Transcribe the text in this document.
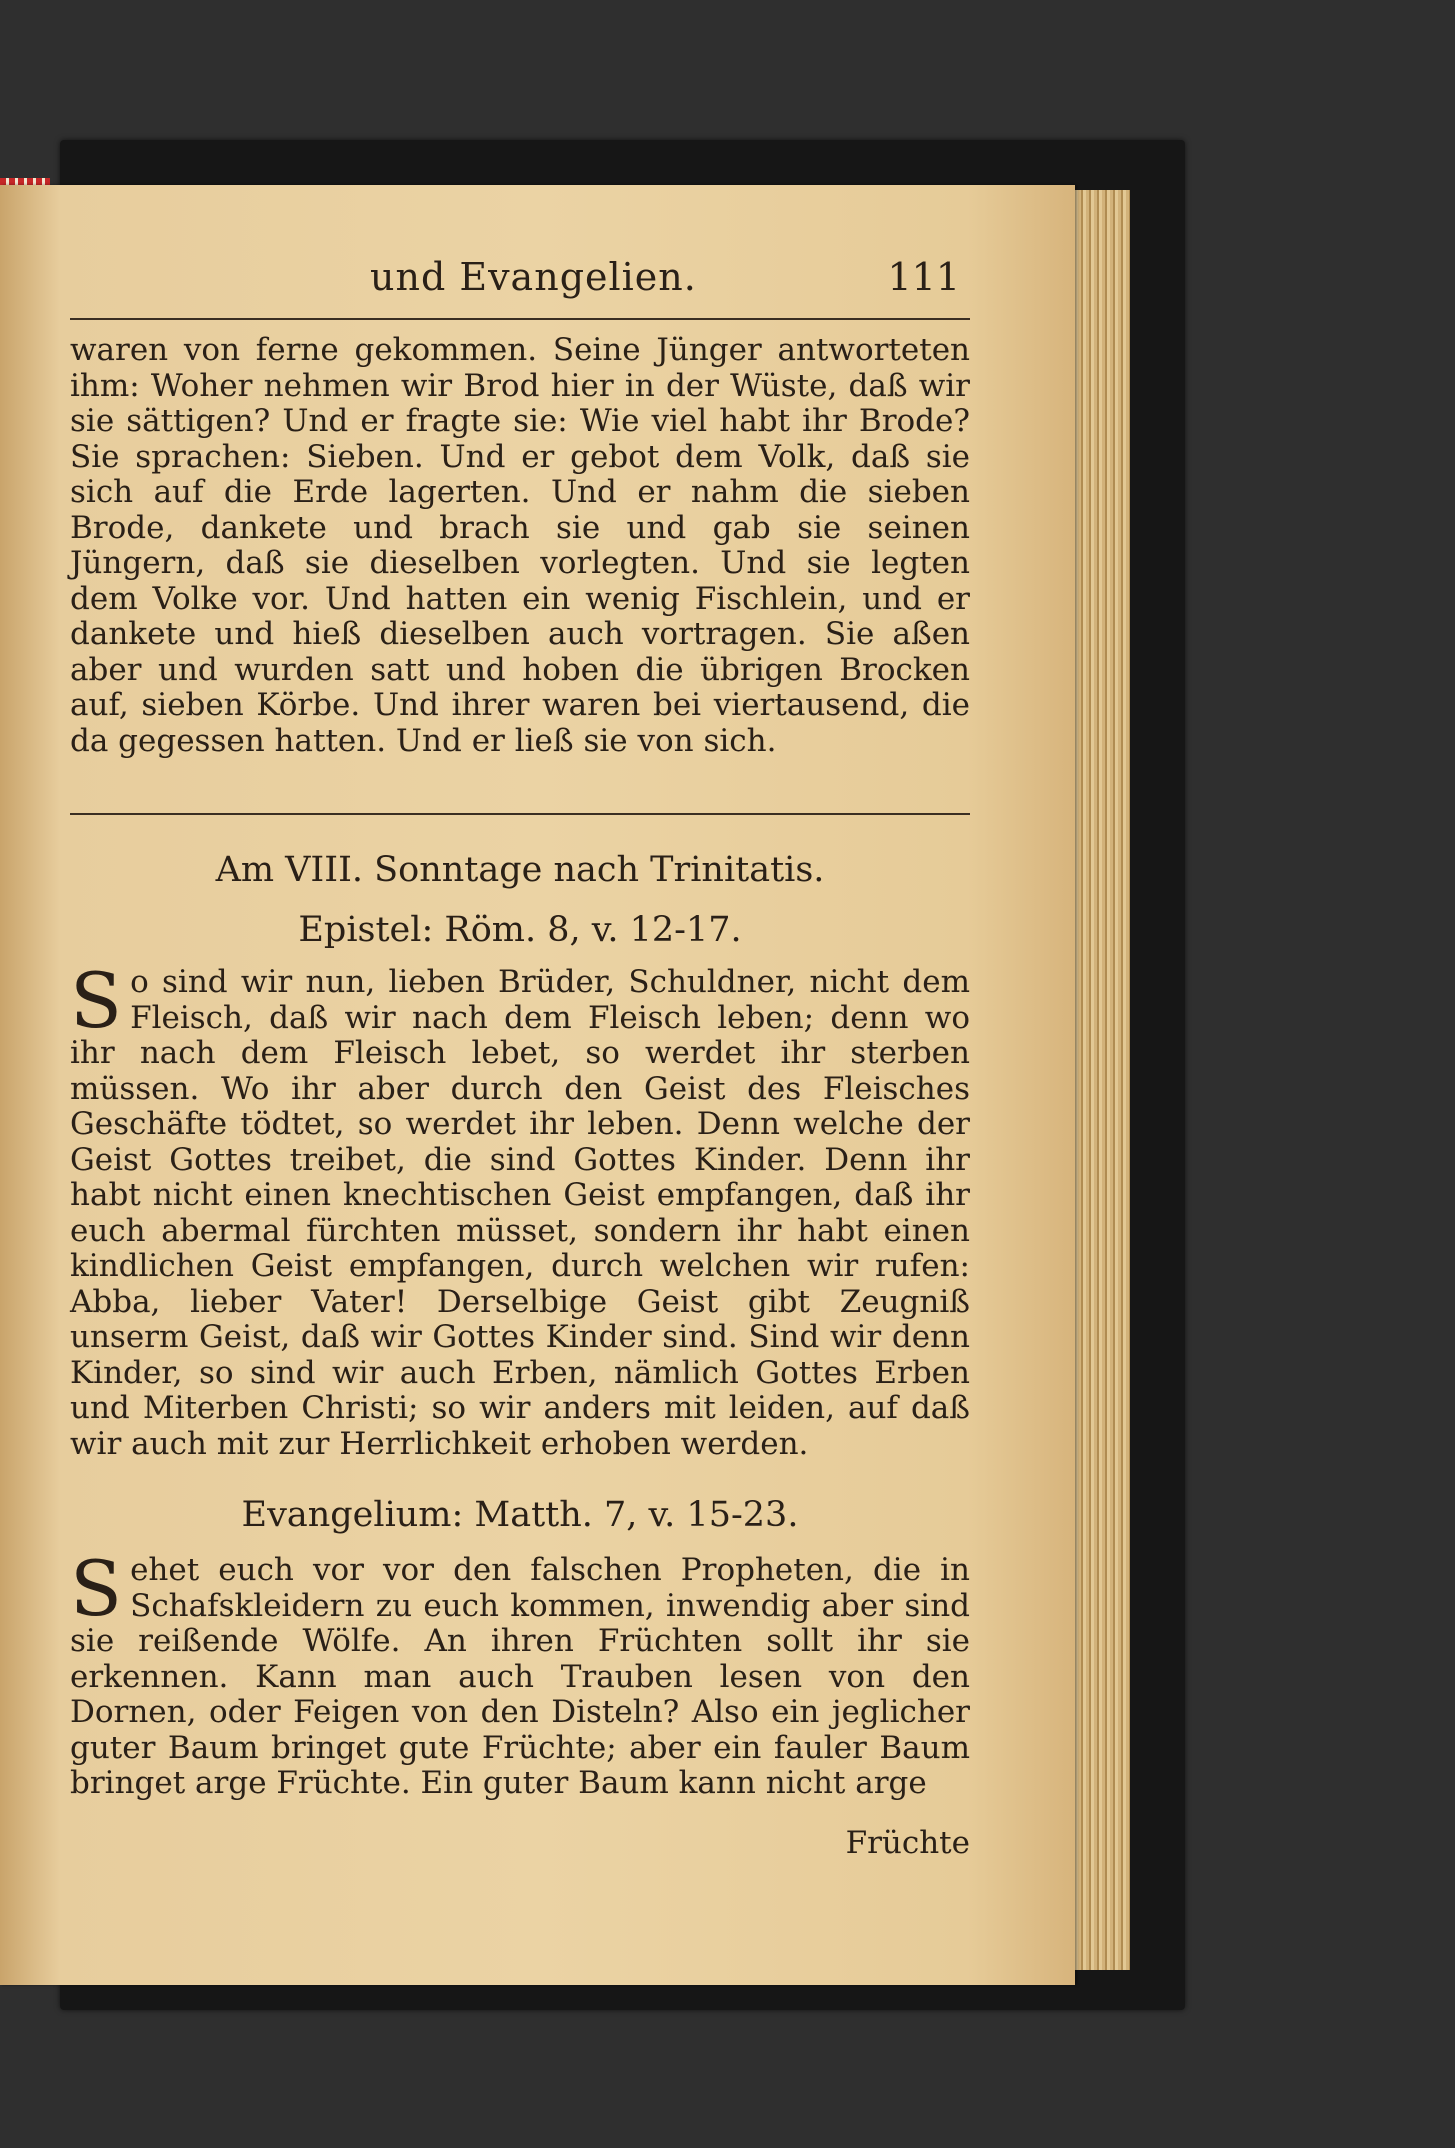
und Evangelien.	111
waren von ferne gekommen. Seine Jünger antworteten ihm: Woher nehmen wir Brod hier in der Wüste, daß wir sie sättigen? Und er fragte sie: Wie viel habt ihr Brode? Sie sprachen: Sieben. Und er gebot dem Volk, daß sie sich auf die Erde lagerten. Und er nahm die sieben Brode, dankete und brach sie und gab sie seinen Jüngern, daß sie dieselben vorlegten. Und sie legten dem Volke vor. Und hatten ein wenig Fischlein, und er dankete und hieß dieselben auch vortragen. Sie aßen aber und wurden satt und hoben die übrigen Brocken auf, sieben Körbe. Und ihrer waren bei viertausend, die da gegessen hatten. Und er ließ sie von sich.
Am VIII. Sonntage nach Trinitatis.
Epistel: Röm. 8, v. 12-17.
S o sind wir nun, lieben Brüder, Schuldner, nicht dem Fleisch, daß wir nach dem Fleisch leben; denn wo ihr nach dem Fleisch lebet, so werdet ihr sterben müssen. Wo ihr aber durch den Geist des Fleisches Geschäfte tödtet, so werdet ihr leben. Denn welche der Geist Gottes treibet, die sind Gottes Kinder. Denn ihr habt nicht einen knechtischen Geist empfangen, daß ihr euch abermal fürchten müsset, sondern ihr habt einen kindlichen Geist empfangen, durch welchen wir rufen: Abba, lieber Vater! Derselbige Geist gibt Zeugniß unserm Geist, daß wir Gottes Kinder sind. Sind wir denn Kinder, so sind wir auch Erben, nämlich Gottes Erben und Miterben Christi; so wir anders mit leiden, auf daß wir auch mit zur Herrlichkeit erhoben werden.
Evangelium: Matth. 7, v. 15-23.
S ehet euch vor vor den falschen Propheten, die in Schafskleidern zu euch kommen, inwendig aber sind sie reißende Wölfe. An ihren Früchten sollt ihr sie erkennen. Kann man auch Trauben lesen von den Dornen, oder Feigen von den Disteln? Also ein jeglicher guter Baum bringet gute Früchte; aber ein fauler Baum bringet arge Früchte. Ein guter Baum kann nicht arge
Früchte
